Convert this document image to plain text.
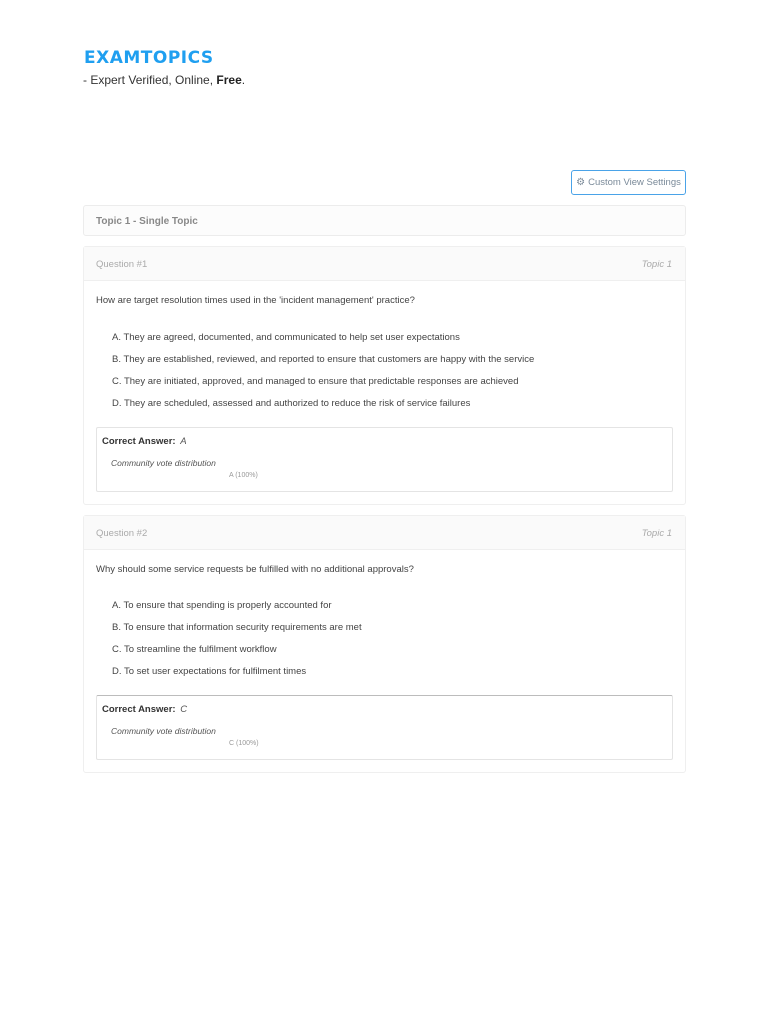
EXAMTOPICS
- Expert Verified, Online, Free.
⚙ Custom View Settings
Topic 1 - Single Topic
Question #1	Topic 1
How are target resolution times used in the 'incident management' practice?
A. They are agreed, documented, and communicated to help set user expectations
B. They are established, reviewed, and reported to ensure that customers are happy with the service
C. They are initiated, approved, and managed to ensure that predictable responses are achieved
D. They are scheduled, assessed and authorized to reduce the risk of service failures
Correct Answer: A
Community vote distribution
A (100%)
Question #2	Topic 1
Why should some service requests be fulfilled with no additional approvals?
A. To ensure that spending is properly accounted for
B. To ensure that information security requirements are met
C. To streamline the fulfilment workflow
D. To set user expectations for fulfilment times
Correct Answer: C
Community vote distribution
C (100%)
